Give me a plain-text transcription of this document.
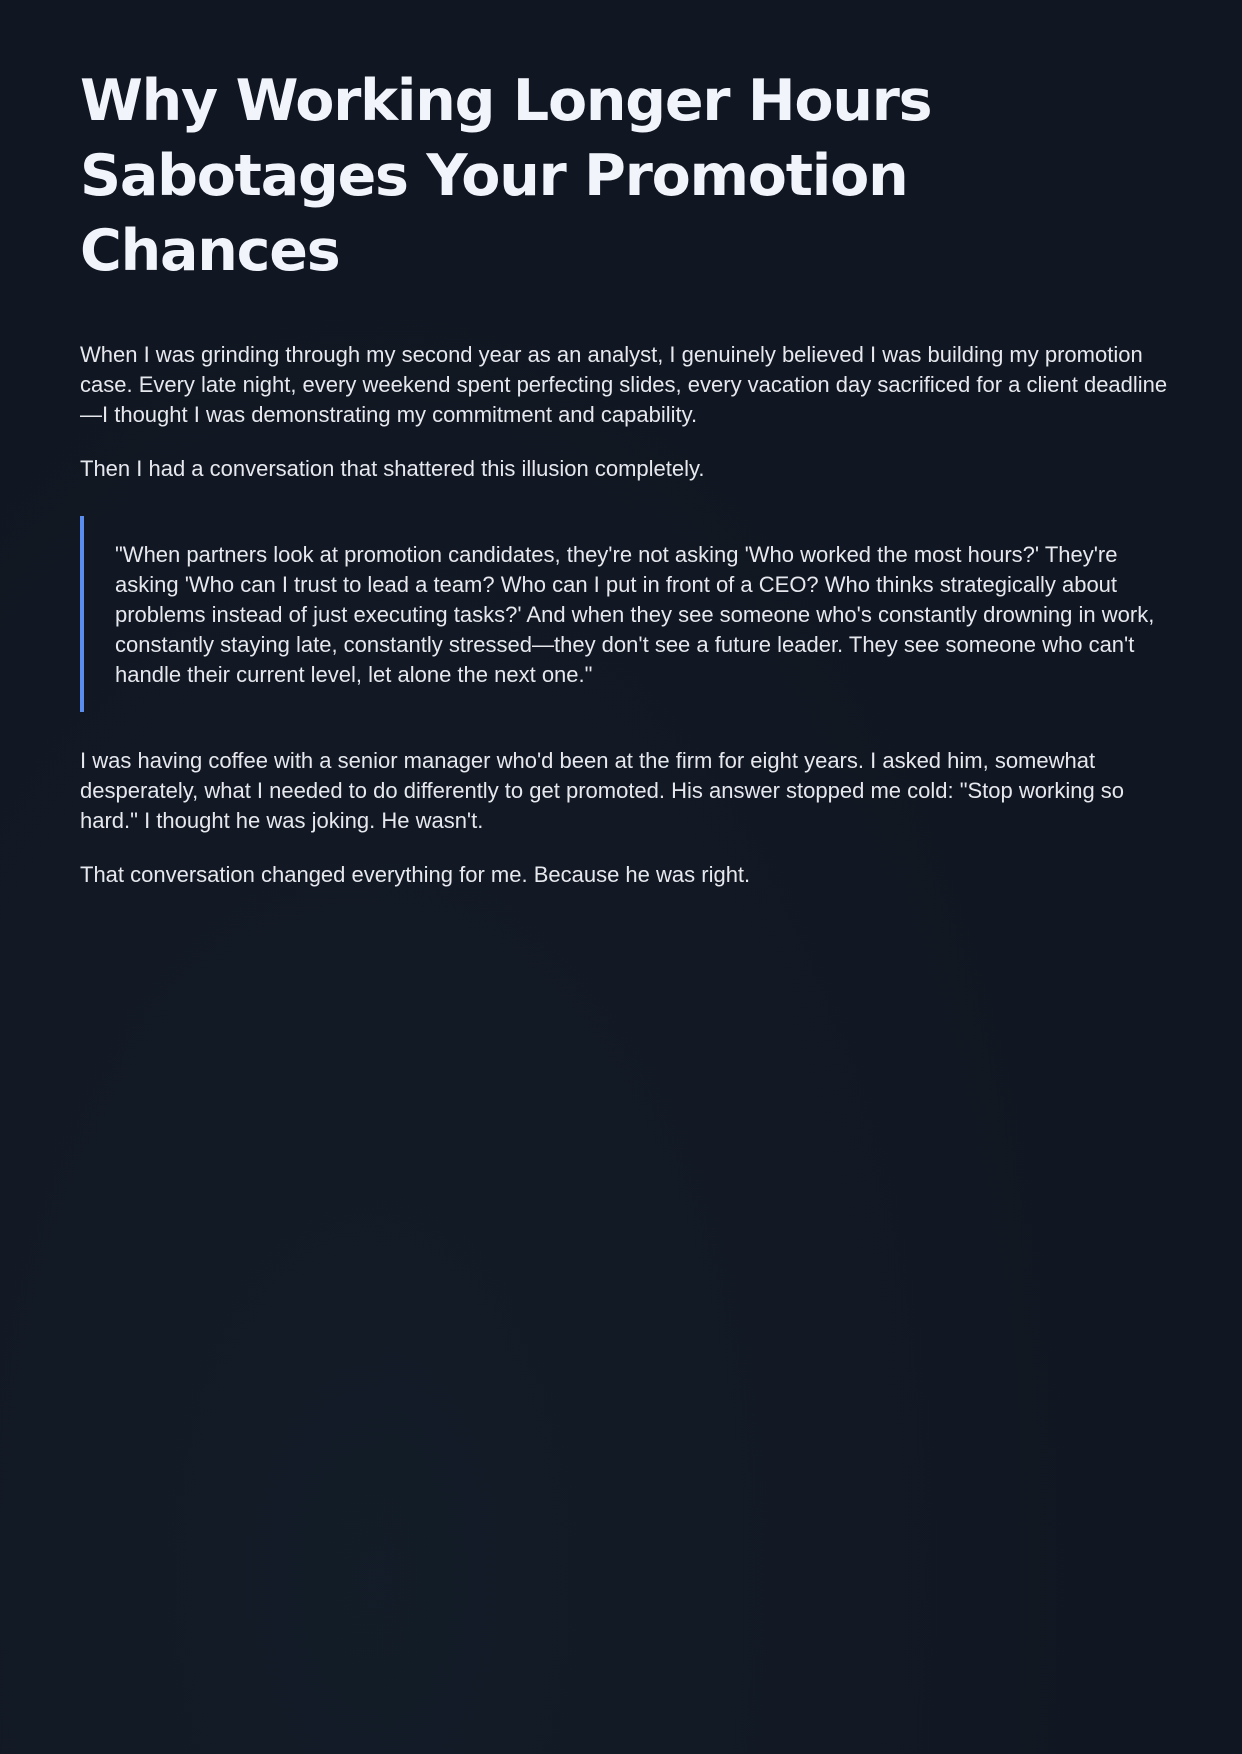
Why Working Longer Hours Sabotages Your Promotion Chances

When I was grinding through my second year as an analyst, I genuinely believed I was building my promotion case. Every late night, every weekend spent perfecting slides, every vacation day sacrificed for a client deadline—I thought I was demonstrating my commitment and capability.

Then I had a conversation that shattered this illusion completely.

"When partners look at promotion candidates, they're not asking 'Who worked the most hours?' They're asking 'Who can I trust to lead a team? Who can I put in front of a CEO? Who thinks strategically about problems instead of just executing tasks?' And when they see someone who's constantly drowning in work, constantly staying late, constantly stressed—they don't see a future leader. They see someone who can't handle their current level, let alone the next one."

I was having coffee with a senior manager who'd been at the firm for eight years. I asked him, somewhat desperately, what I needed to do differently to get promoted. His answer stopped me cold: "Stop working so hard." I thought he was joking. He wasn't.

That conversation changed everything for me. Because he was right.
